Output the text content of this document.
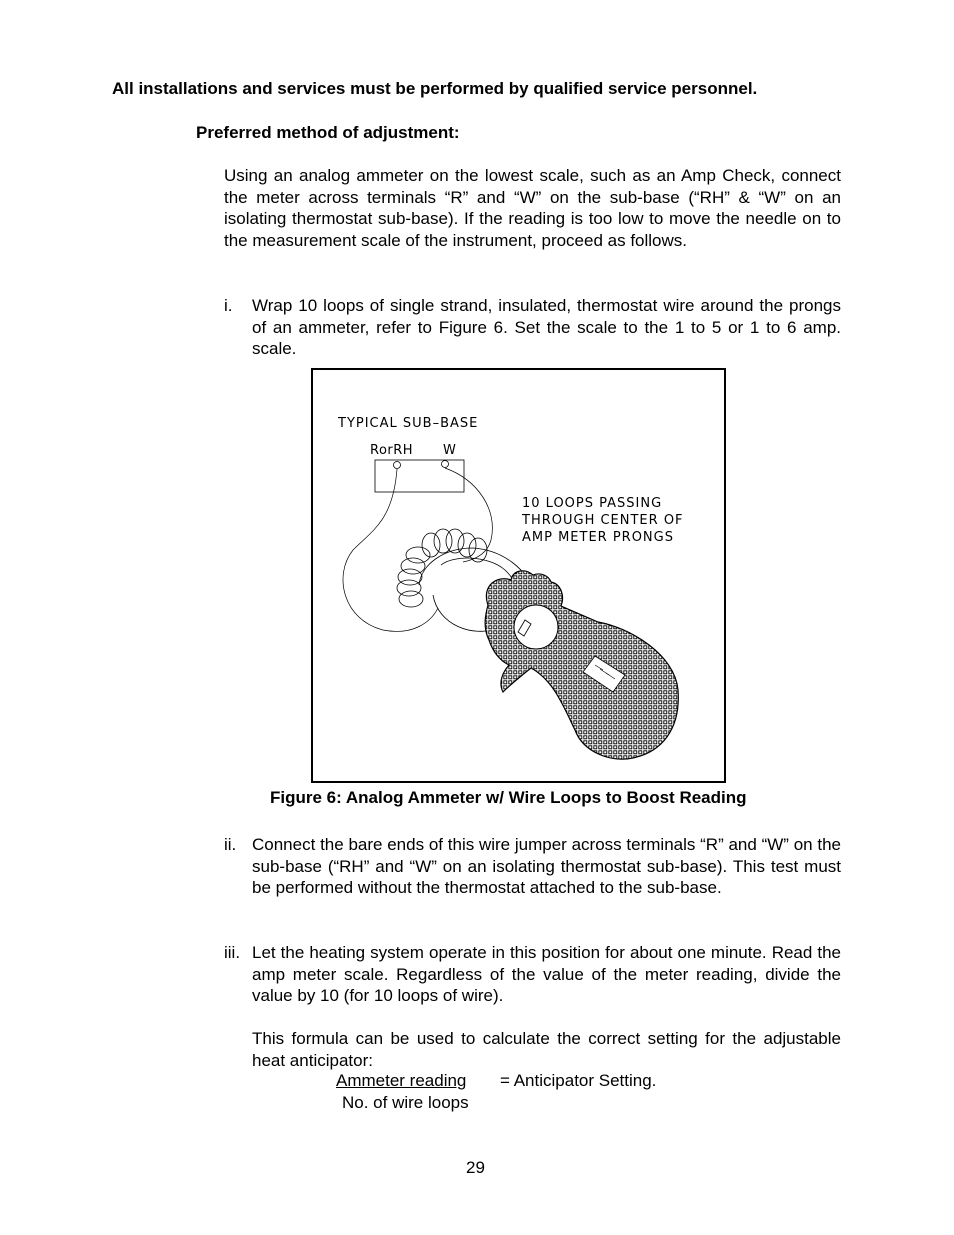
All installations and services must be performed by qualified service personnel.
Preferred method of adjustment:
Using an analog ammeter on the lowest scale, such as an Amp Check, connect the meter across terminals “R” and “W” on the sub-base (“RH” & “W” on an isolating thermostat sub-base). If the reading is too low to move the needle on to the measurement scale of the instrument, proceed as follows.
i. Wrap 10 loops of single strand, insulated, thermostat wire around the prongs of an ammeter, refer to Figure 6. Set the scale to the 1 to 5 or 1 to 6 amp. scale.
TYPICAL SUB–BASE
RorRH W
10 LOOPS PASSING
THROUGH CENTER OF
AMP METER PRONGS
Figure 6: Analog Ammeter w/ Wire Loops to Boost Reading
ii. Connect the bare ends of this wire jumper across terminals “R” and “W” on the sub-base (“RH” and “W” on an isolating thermostat sub-base). This test must be performed without the thermostat attached to the sub-base.
iii. Let the heating system operate in this position for about one minute. Read the amp meter scale. Regardless of the value of the meter reading, divide the value by 10 (for 10 loops of wire).
This formula can be used to calculate the correct setting for the adjustable heat anticipator:
Ammeter reading = Anticipator Setting.
No. of wire loops
29
